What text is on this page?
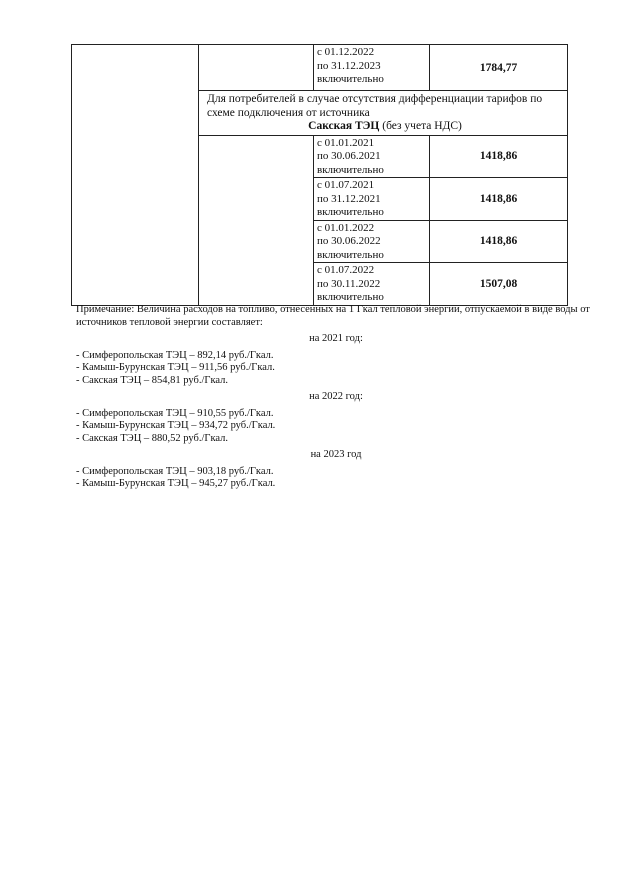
		с 01.12.2022
по 31.12.2023
включительно	1784,77
	Для потребителей в случае отсутствия дифференциации тарифов по схеме подключения от источника
Сакская ТЭЦ (без учета НДС)		

		с 01.01.2021
по 30.06.2021
включительно	1418,86

		с 01.07.2021
по 31.12.2021
включительно	1418,86

		с 01.01.2022
по 30.06.2022
включительно	1418,86

		с 01.07.2022
по 30.11.2022
включительно	1507,08

Примечание: Величина расходов на топливо, отнесенных на 1 Гкал тепловой энергии, отпускаемой в виде воды от источников тепловой энергии составляет:

на 2021 год:

- Симферопольская ТЭЦ – 892,14 руб./Гкал.

- Камыш-Бурунская ТЭЦ – 911,56 руб./Гкал.

- Сакская ТЭЦ – 854,81 руб./Гкал.

на 2022 год:

- Симферопольская ТЭЦ – 910,55 руб./Гкал.

- Камыш-Бурунская ТЭЦ – 934,72 руб./Гкал.

- Сакская ТЭЦ – 880,52 руб./Гкал.

на 2023 год

- Симферопольская ТЭЦ – 903,18 руб./Гкал.

- Камыш-Бурунская ТЭЦ – 945,27 руб./Гкал.
